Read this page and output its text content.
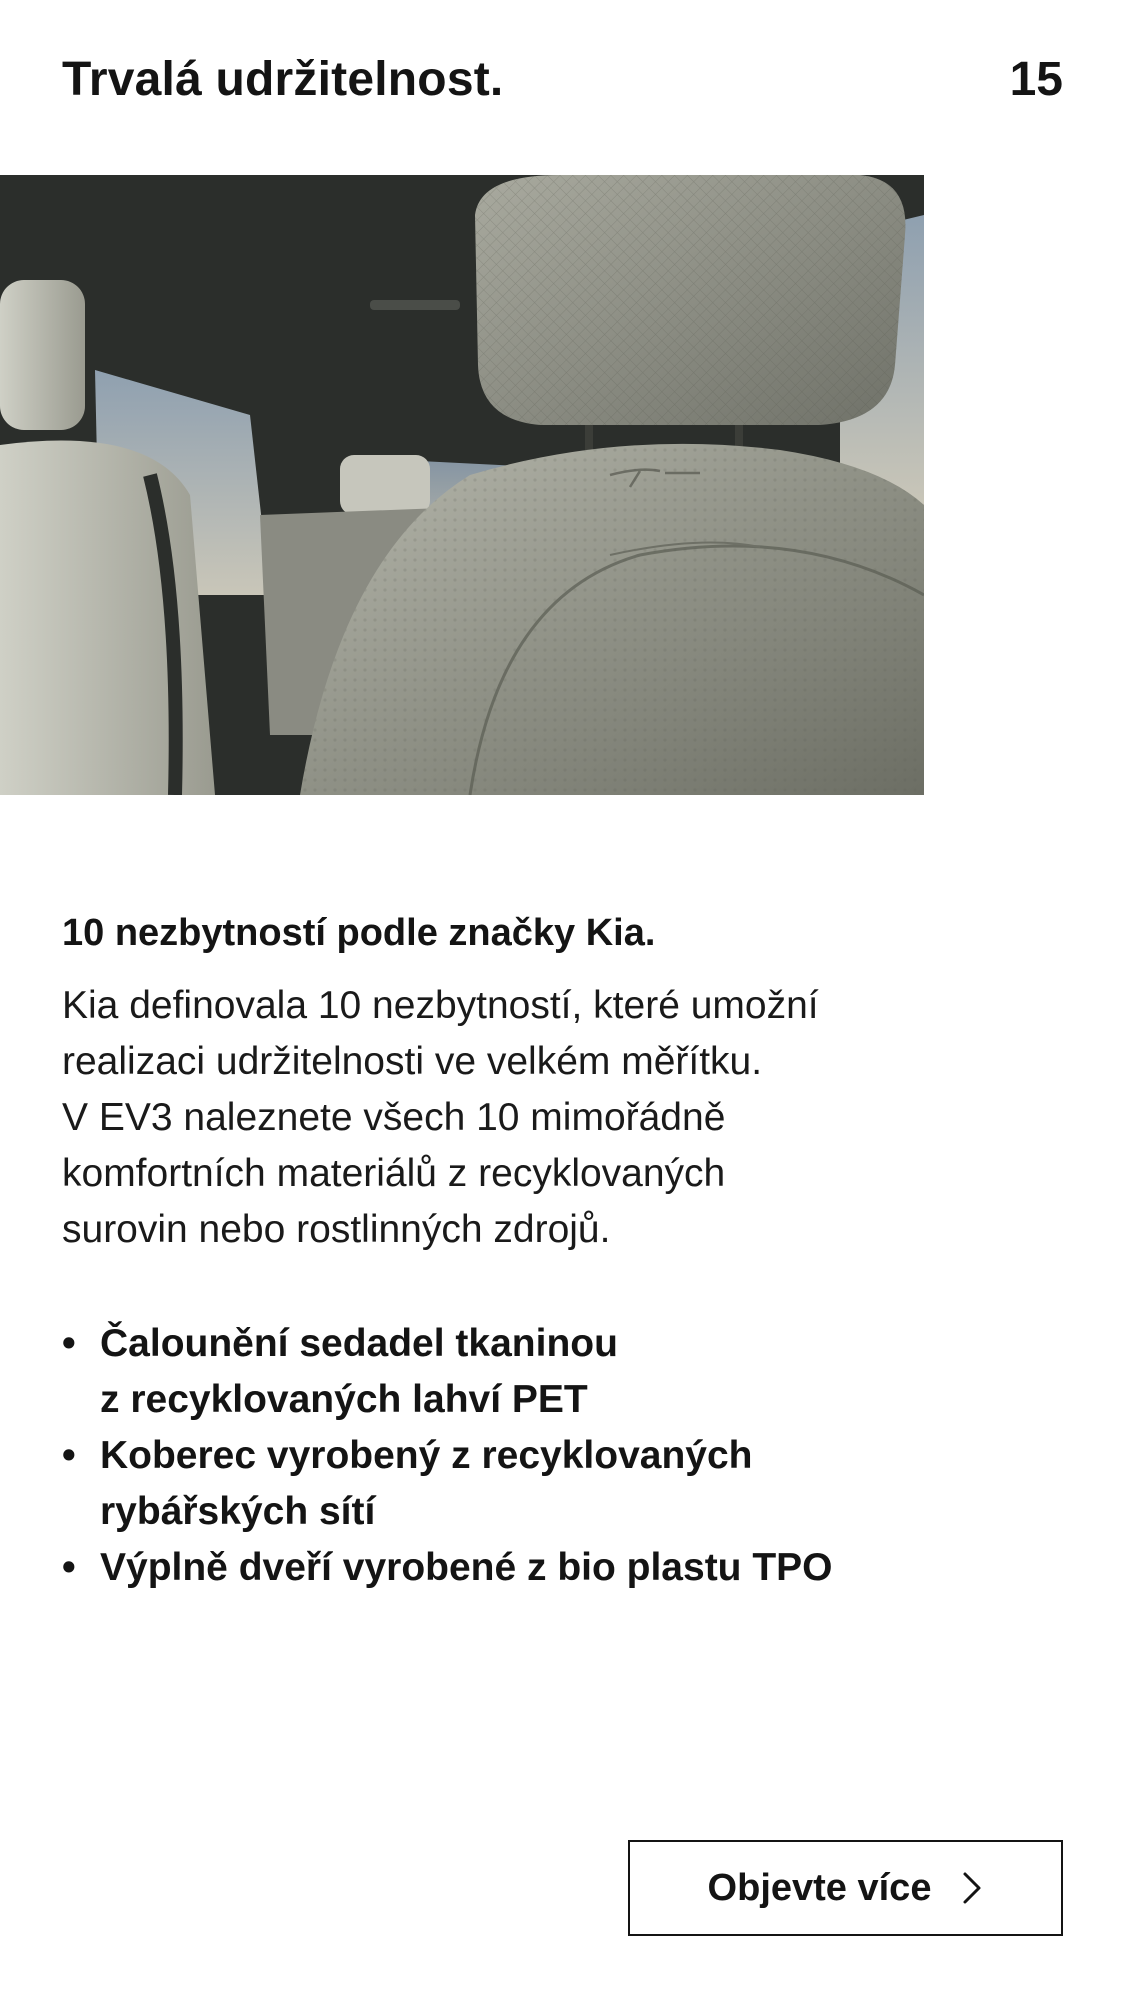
Trvalá udržitelnost.	15
10 nezbytností podle značky Kia.
Kia definovala 10 nezbytností, které umožní
realizaci udržitelnosti ve velkém měřítku.
V EV3 naleznete všech 10 mimořádně
komfortních materiálů z recyklovaných
surovin nebo rostlinných zdrojů.
• Čalounění sedadel tkaninou
z recyklovaných lahví PET
• Koberec vyrobený z recyklovaných
rybářských sítí
• Výplně dveří vyrobené z bio plastu TPO
Objevte více
